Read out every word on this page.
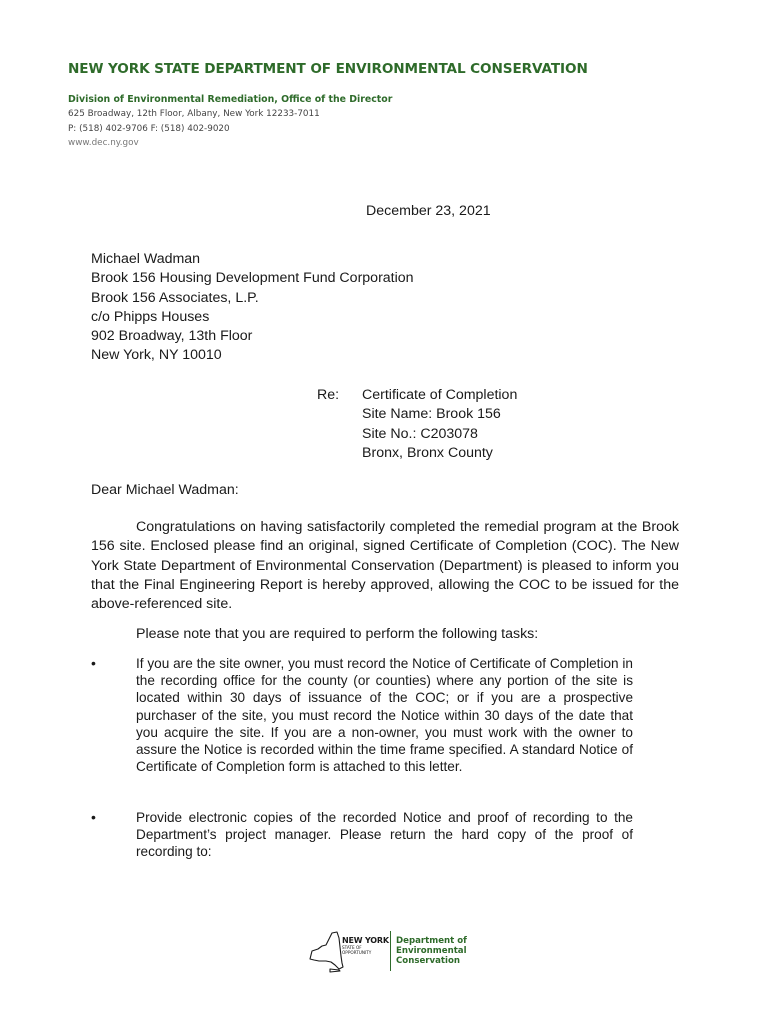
NEW YORK STATE DEPARTMENT OF ENVIRONMENTAL CONSERVATION
Division of Environmental Remediation, Office of the Director
625 Broadway, 12th Floor, Albany, New York 12233-7011
P: (518) 402-9706 F: (518) 402-9020
www.dec.ny.gov
December 23, 2021
Michael Wadman
Brook 156 Housing Development Fund Corporation
Brook 156 Associates, L.P.
c/o Phipps Houses
902 Broadway, 13th Floor
New York, NY 10010
Re: Certificate of Completion
Site Name: Brook 156
Site No.: C203078
Bronx, Bronx County
Dear Michael Wadman:
Congratulations on having satisfactorily completed the remedial program at the Brook 156 site. Enclosed please find an original, signed Certificate of Completion (COC). The New York State Department of Environmental Conservation (Department) is pleased to inform you that the Final Engineering Report is hereby approved, allowing the COC to be issued for the above-referenced site.
Please note that you are required to perform the following tasks:
•	If you are the site owner, you must record the Notice of Certificate of Completion in the recording office for the county (or counties) where any portion of the site is located within 30 days of issuance of the COC; or if you are a prospective purchaser of the site, you must record the Notice within 30 days of the date that you acquire the site. If you are a non-owner, you must work with the owner to assure the Notice is recorded within the time frame specified. A standard Notice of Certificate of Completion form is attached to this letter.
•	Provide electronic copies of the recorded Notice and proof of recording to the Department’s project manager. Please return the hard copy of the proof of recording to:
NEW YORK
STATE OF
OPPORTUNITY
Department of
Environmental
Conservation
